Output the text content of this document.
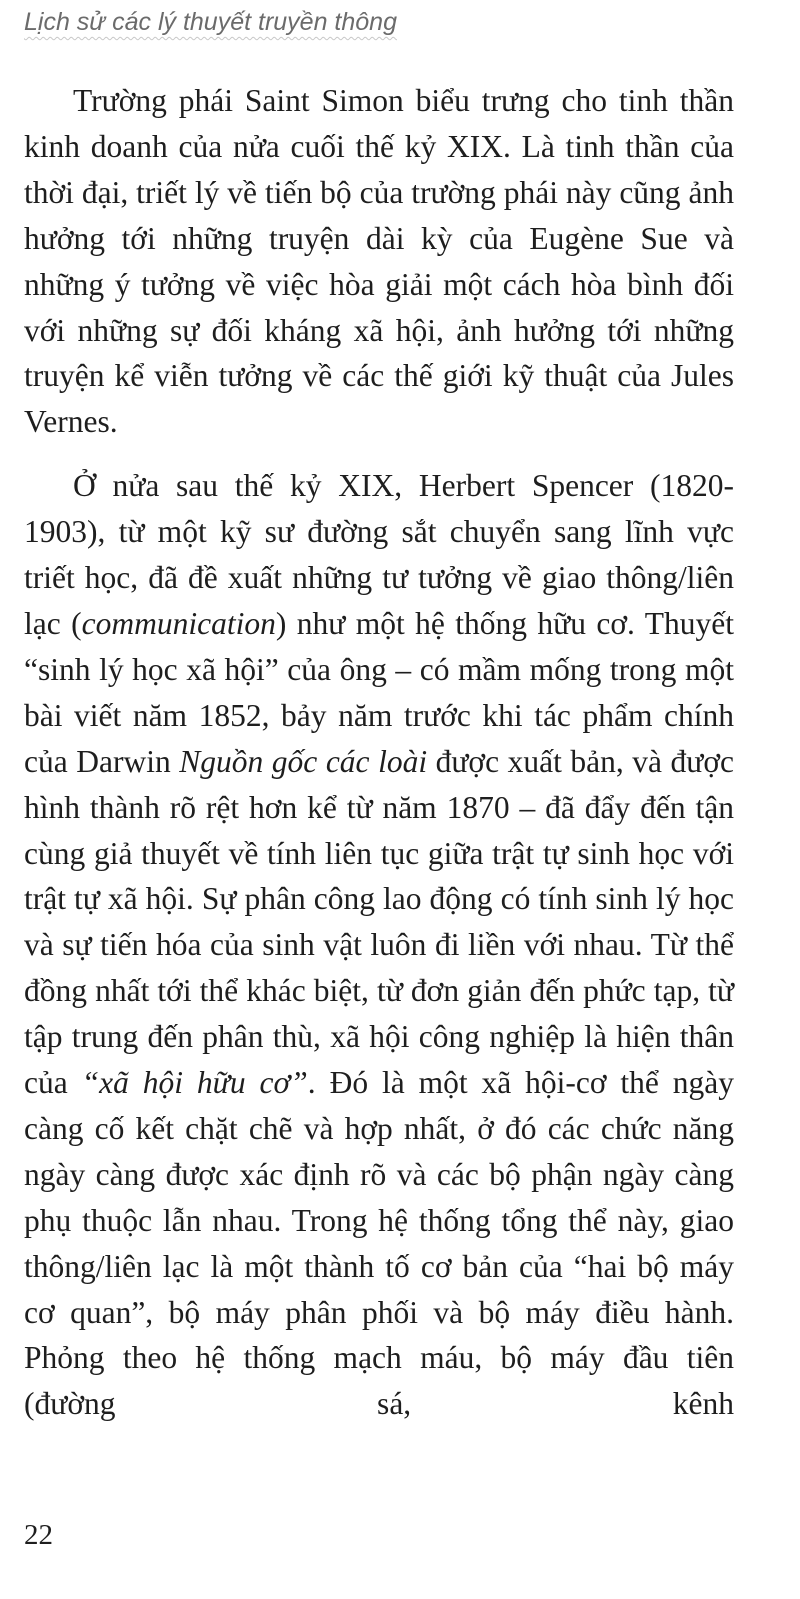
Lịch sử các lý thuyết truyền thông

Trường phái Saint Simon biểu trưng cho tinh thần kinh doanh của nửa cuối thế kỷ XIX. Là tinh thần của thời đại, triết lý về tiến bộ của trường phái này cũng ảnh hưởng tới những truyện dài kỳ của Eugène Sue và những ý tưởng về việc hòa giải một cách hòa bình đối với những sự đối kháng xã hội, ảnh hưởng tới những truyện kể viễn tưởng về các thế giới kỹ thuật của Jules Vernes.

Ở nửa sau thế kỷ XIX, Herbert Spencer (1820-1903), từ một kỹ sư đường sắt chuyển sang lĩnh vực triết học, đã đề xuất những tư tưởng về giao thông/liên lạc (communication) như một hệ thống hữu cơ. Thuyết “sinh lý học xã hội” của ông – có mầm mống trong một bài viết năm 1852, bảy năm trước khi tác phẩm chính của Darwin Nguồn gốc các loài được xuất bản, và được hình thành rõ rệt hơn kể từ năm 1870 – đã đẩy đến tận cùng giả thuyết về tính liên tục giữa trật tự sinh học với trật tự xã hội. Sự phân công lao động có tính sinh lý học và sự tiến hóa của sinh vật luôn đi liền với nhau. Từ thể đồng nhất tới thể khác biệt, từ đơn giản đến phức tạp, từ tập trung đến phân thù, xã hội công nghiệp là hiện thân của “xã hội hữu cơ”. Đó là một xã hội-cơ thể ngày càng cố kết chặt chẽ và hợp nhất, ở đó các chức năng ngày càng được xác định rõ và các bộ phận ngày càng phụ thuộc lẫn nhau. Trong hệ thống tổng thể này, giao thông/liên lạc là một thành tố cơ bản của “hai bộ máy cơ quan”, bộ máy phân phối và bộ máy điều hành. Phỏng theo hệ thống mạch máu, bộ máy đầu tiên (đường sá, kênh

22
